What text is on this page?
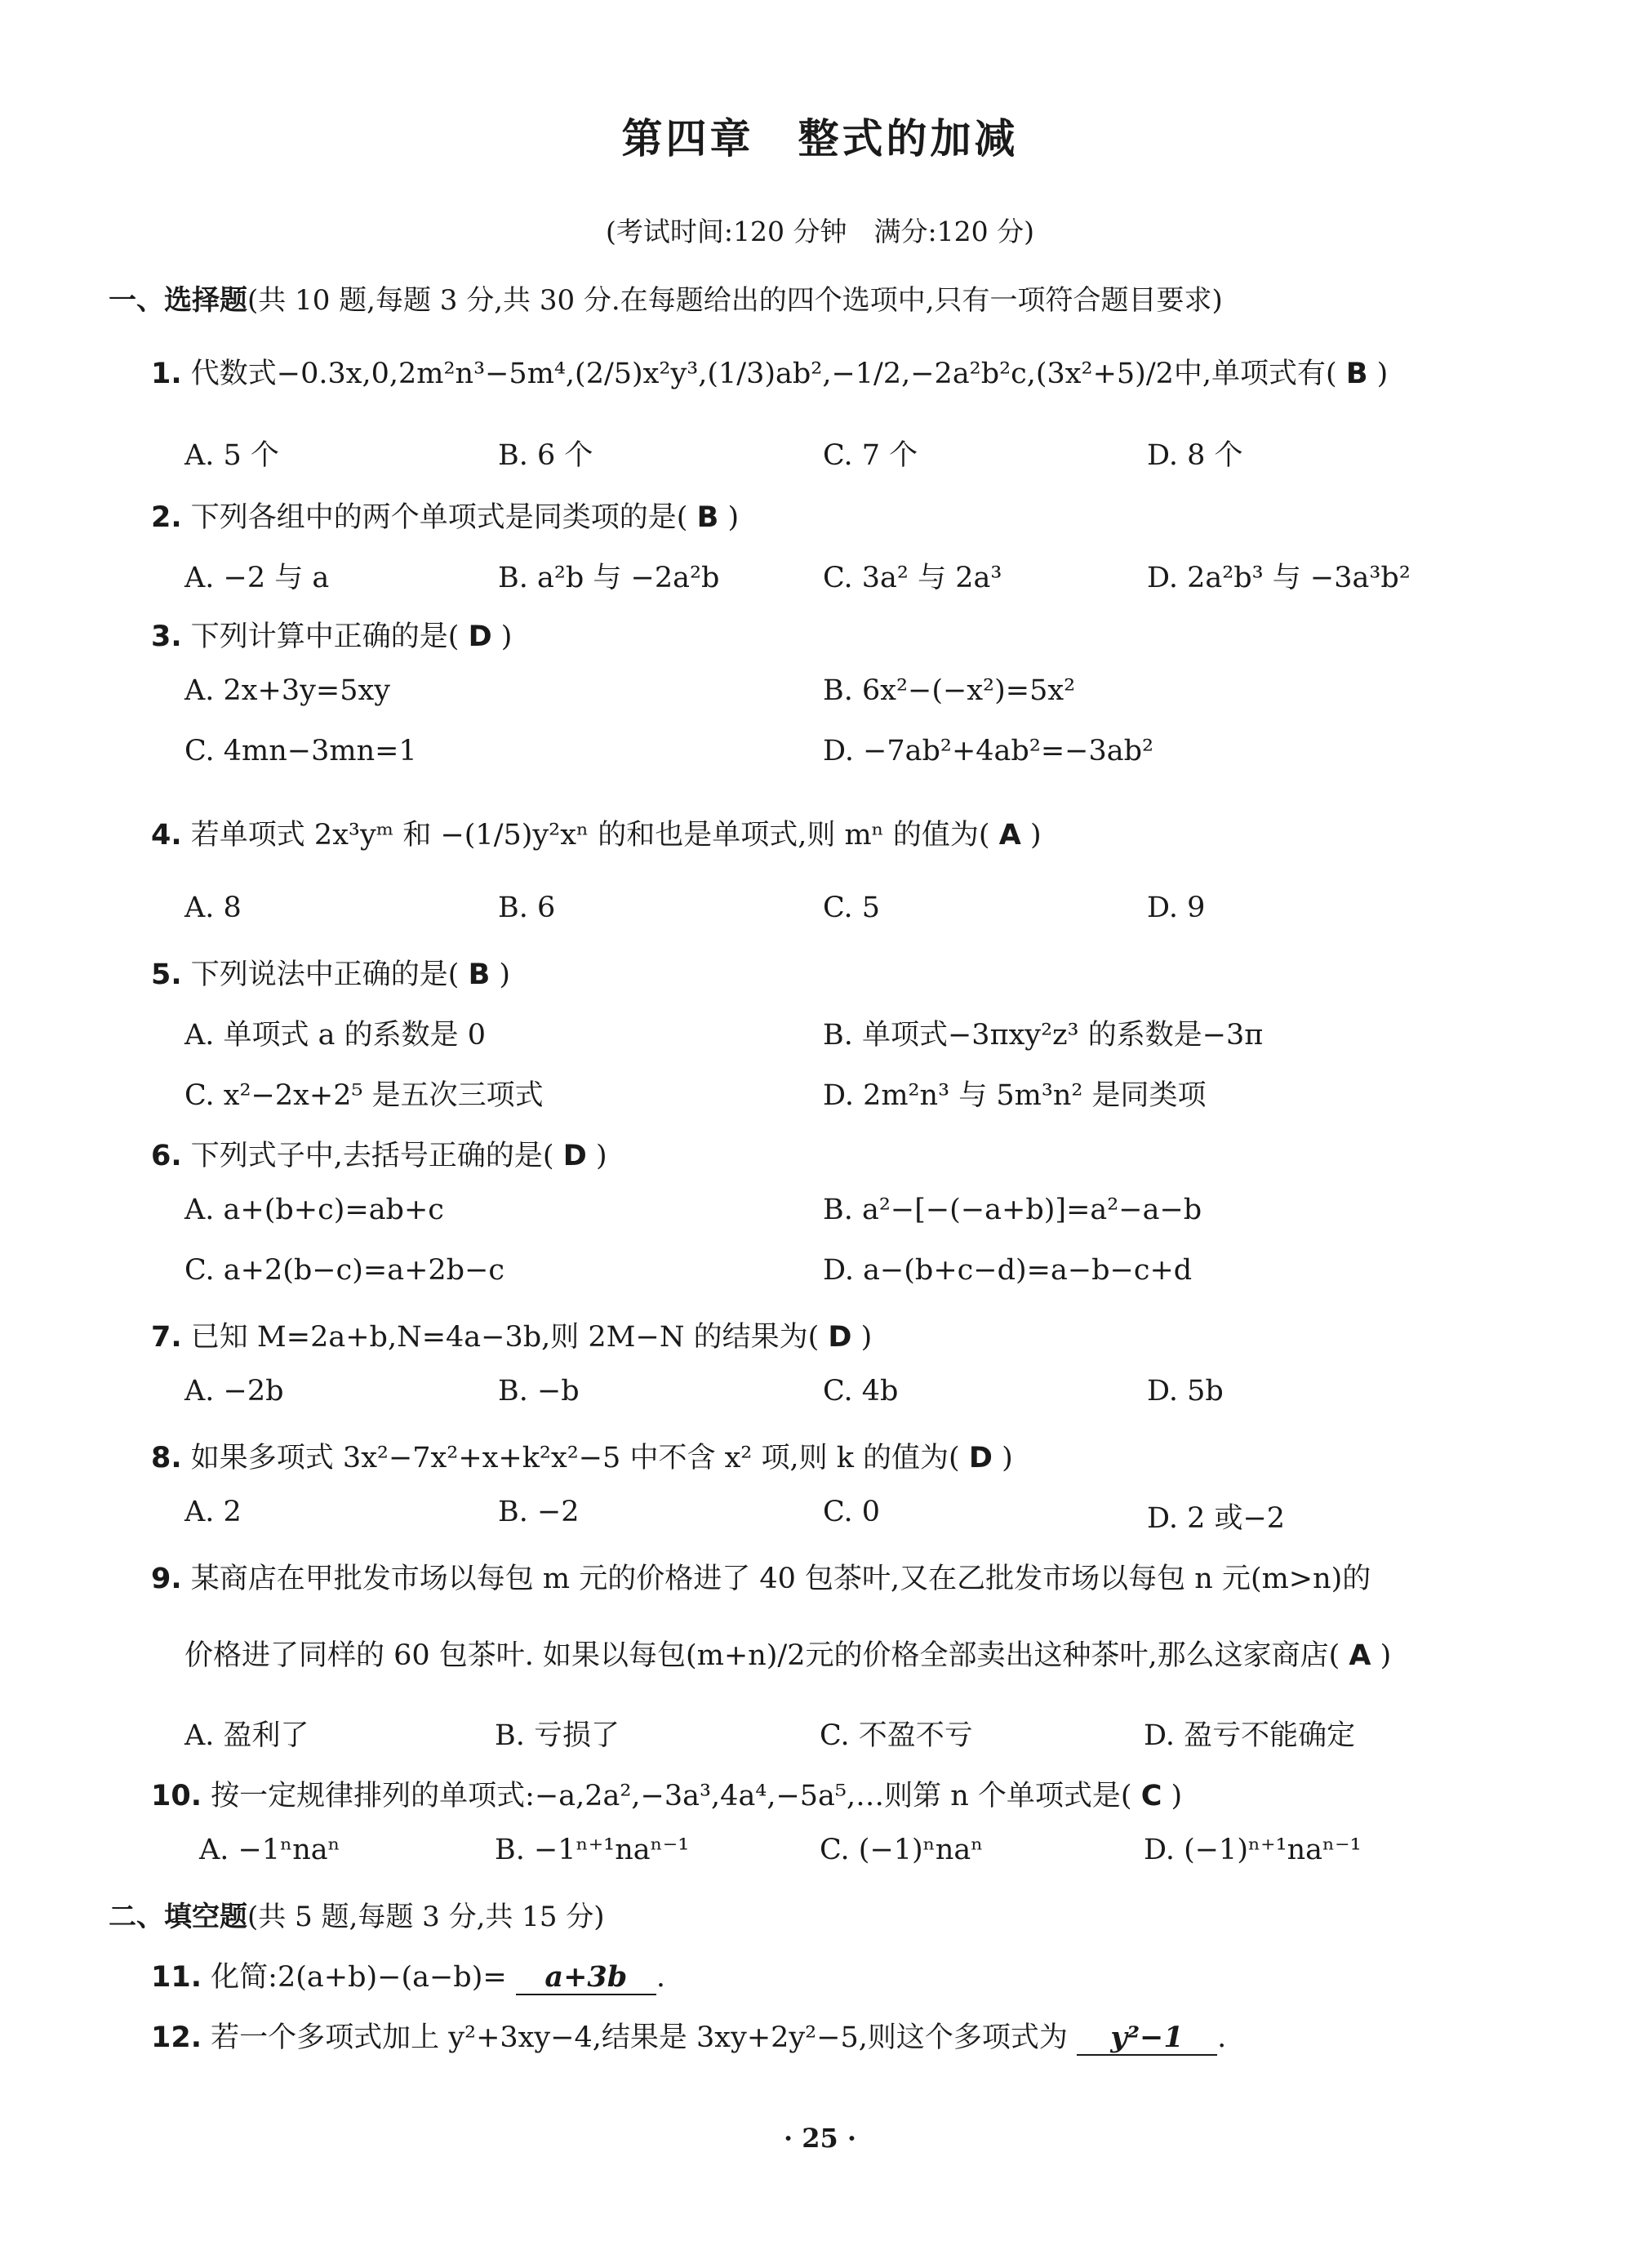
第四章　整式的加减
(考试时间:120 分钟　满分:120 分)
一、选择题(共 10 题,每题 3 分,共 30 分.在每题给出的四个选项中,只有一项符合题目要求)
1. 代数式−0.3x,0,2m²n³−5m⁴,(2/5)x²y³,(1/3)ab²,−1/2,−2a²b²c,(3x²+5)/2中,单项式有( B )
A. 5 个	B. 6 个	C. 7 个	D. 8 个
2. 下列各组中的两个单项式是同类项的是( B )
A. −2 与 a	B. a²b 与 −2a²b	C. 3a² 与 2a³	D. 2a²b³ 与 −3a³b²
3. 下列计算中正确的是( D )
A. 2x+3y=5xy	B. 6x²−(−x²)=5x²
C. 4mn−3mn=1	D. −7ab²+4ab²=−3ab²
4. 若单项式 2x³yᵐ 和 −(1/5)y²xⁿ 的和也是单项式,则 mⁿ 的值为( A )
A. 8	B. 6	C. 5	D. 9
5. 下列说法中正确的是( B )
A. 单项式 a 的系数是 0	B. 单项式−3πxy²z³ 的系数是−3π
C. x²−2x+2⁵ 是五次三项式	D. 2m²n³ 与 5m³n² 是同类项
6. 下列式子中,去括号正确的是( D )
A. a+(b+c)=ab+c	B. a²−[−(−a+b)]=a²−a−b
C. a+2(b−c)=a+2b−c	D. a−(b+c−d)=a−b−c+d
7. 已知 M=2a+b,N=4a−3b,则 2M−N 的结果为( D )
A. −2b	B. −b	C. 4b	D. 5b
8. 如果多项式 3x²−7x²+x+k²x²−5 中不含 x² 项,则 k 的值为( D )
A. 2	B. −2	C. 0	D. 2 或−2
9. 某商店在甲批发市场以每包 m 元的价格进了 40 包茶叶,又在乙批发市场以每包 n 元(m>n)的
价格进了同样的 60 包茶叶. 如果以每包(m+n)/2元的价格全部卖出这种茶叶,那么这家商店( A )
A. 盈利了	B. 亏损了	C. 不盈不亏	D. 盈亏不能确定
10. 按一定规律排列的单项式:−a,2a²,−3a³,4a⁴,−5a⁵,…则第 n 个单项式是( C )
A. −1ⁿnaⁿ	B. −1ⁿ⁺¹naⁿ⁻¹	C. (−1)ⁿnaⁿ	D. (−1)ⁿ⁺¹naⁿ⁻¹
二、填空题(共 5 题,每题 3 分,共 15 分)
11. 化简:2(a+b)−(a−b)= a+3b .
12. 若一个多项式加上 y²+3xy−4,结果是 3xy+2y²−5,则这个多项式为 y²−1 .
· 25 ·
